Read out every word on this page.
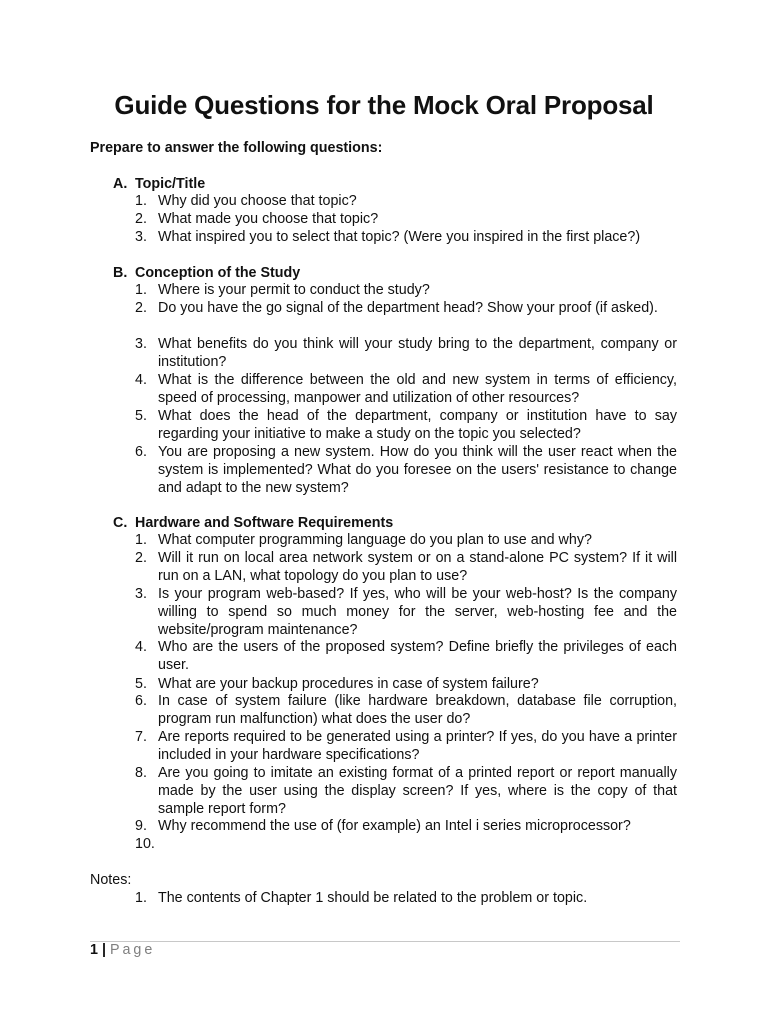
Guide Questions for the Mock Oral Proposal
Prepare to answer the following questions:
A. Topic/Title
1. Why did you choose that topic?
2. What made you choose that topic?
3. What inspired you to select that topic? (Were you inspired in the first place?)
B. Conception of the Study
1. Where is your permit to conduct the study?
2. Do you have the go signal of the department head? Show your proof (if asked).
3. What benefits do you think will your study bring to the department, company or institution?
4. What is the difference between the old and new system in terms of efficiency, speed of processing, manpower and utilization of other resources?
5. What does the head of the department, company or institution have to say regarding your initiative to make a study on the topic you selected?
6. You are proposing a new system. How do you think will the user react when the system is implemented? What do you foresee on the users' resistance to change and adapt to the new system?
C. Hardware and Software Requirements
1. What computer programming language do you plan to use and why?
2. Will it run on local area network system or on a stand-alone PC system? If it will run on a LAN, what topology do you plan to use?
3. Is your program web-based? If yes, who will be your web-host? Is the company willing to spend so much money for the server, web-hosting fee and the website/program maintenance?
4. Who are the users of the proposed system? Define briefly the privileges of each user.
5. What are your backup procedures in case of system failure?
6. In case of system failure (like hardware breakdown, database file corruption, program run malfunction) what does the user do?
7. Are reports required to be generated using a printer? If yes, do you have a printer included in your hardware specifications?
8. Are you going to imitate an existing format of a printed report or report manually made by the user using the display screen? If yes, where is the copy of that sample report form?
9. Why recommend the use of (for example) an Intel i series microprocessor?
10.
Notes:
1. The contents of Chapter 1 should be related to the problem or topic.
1 | Page
